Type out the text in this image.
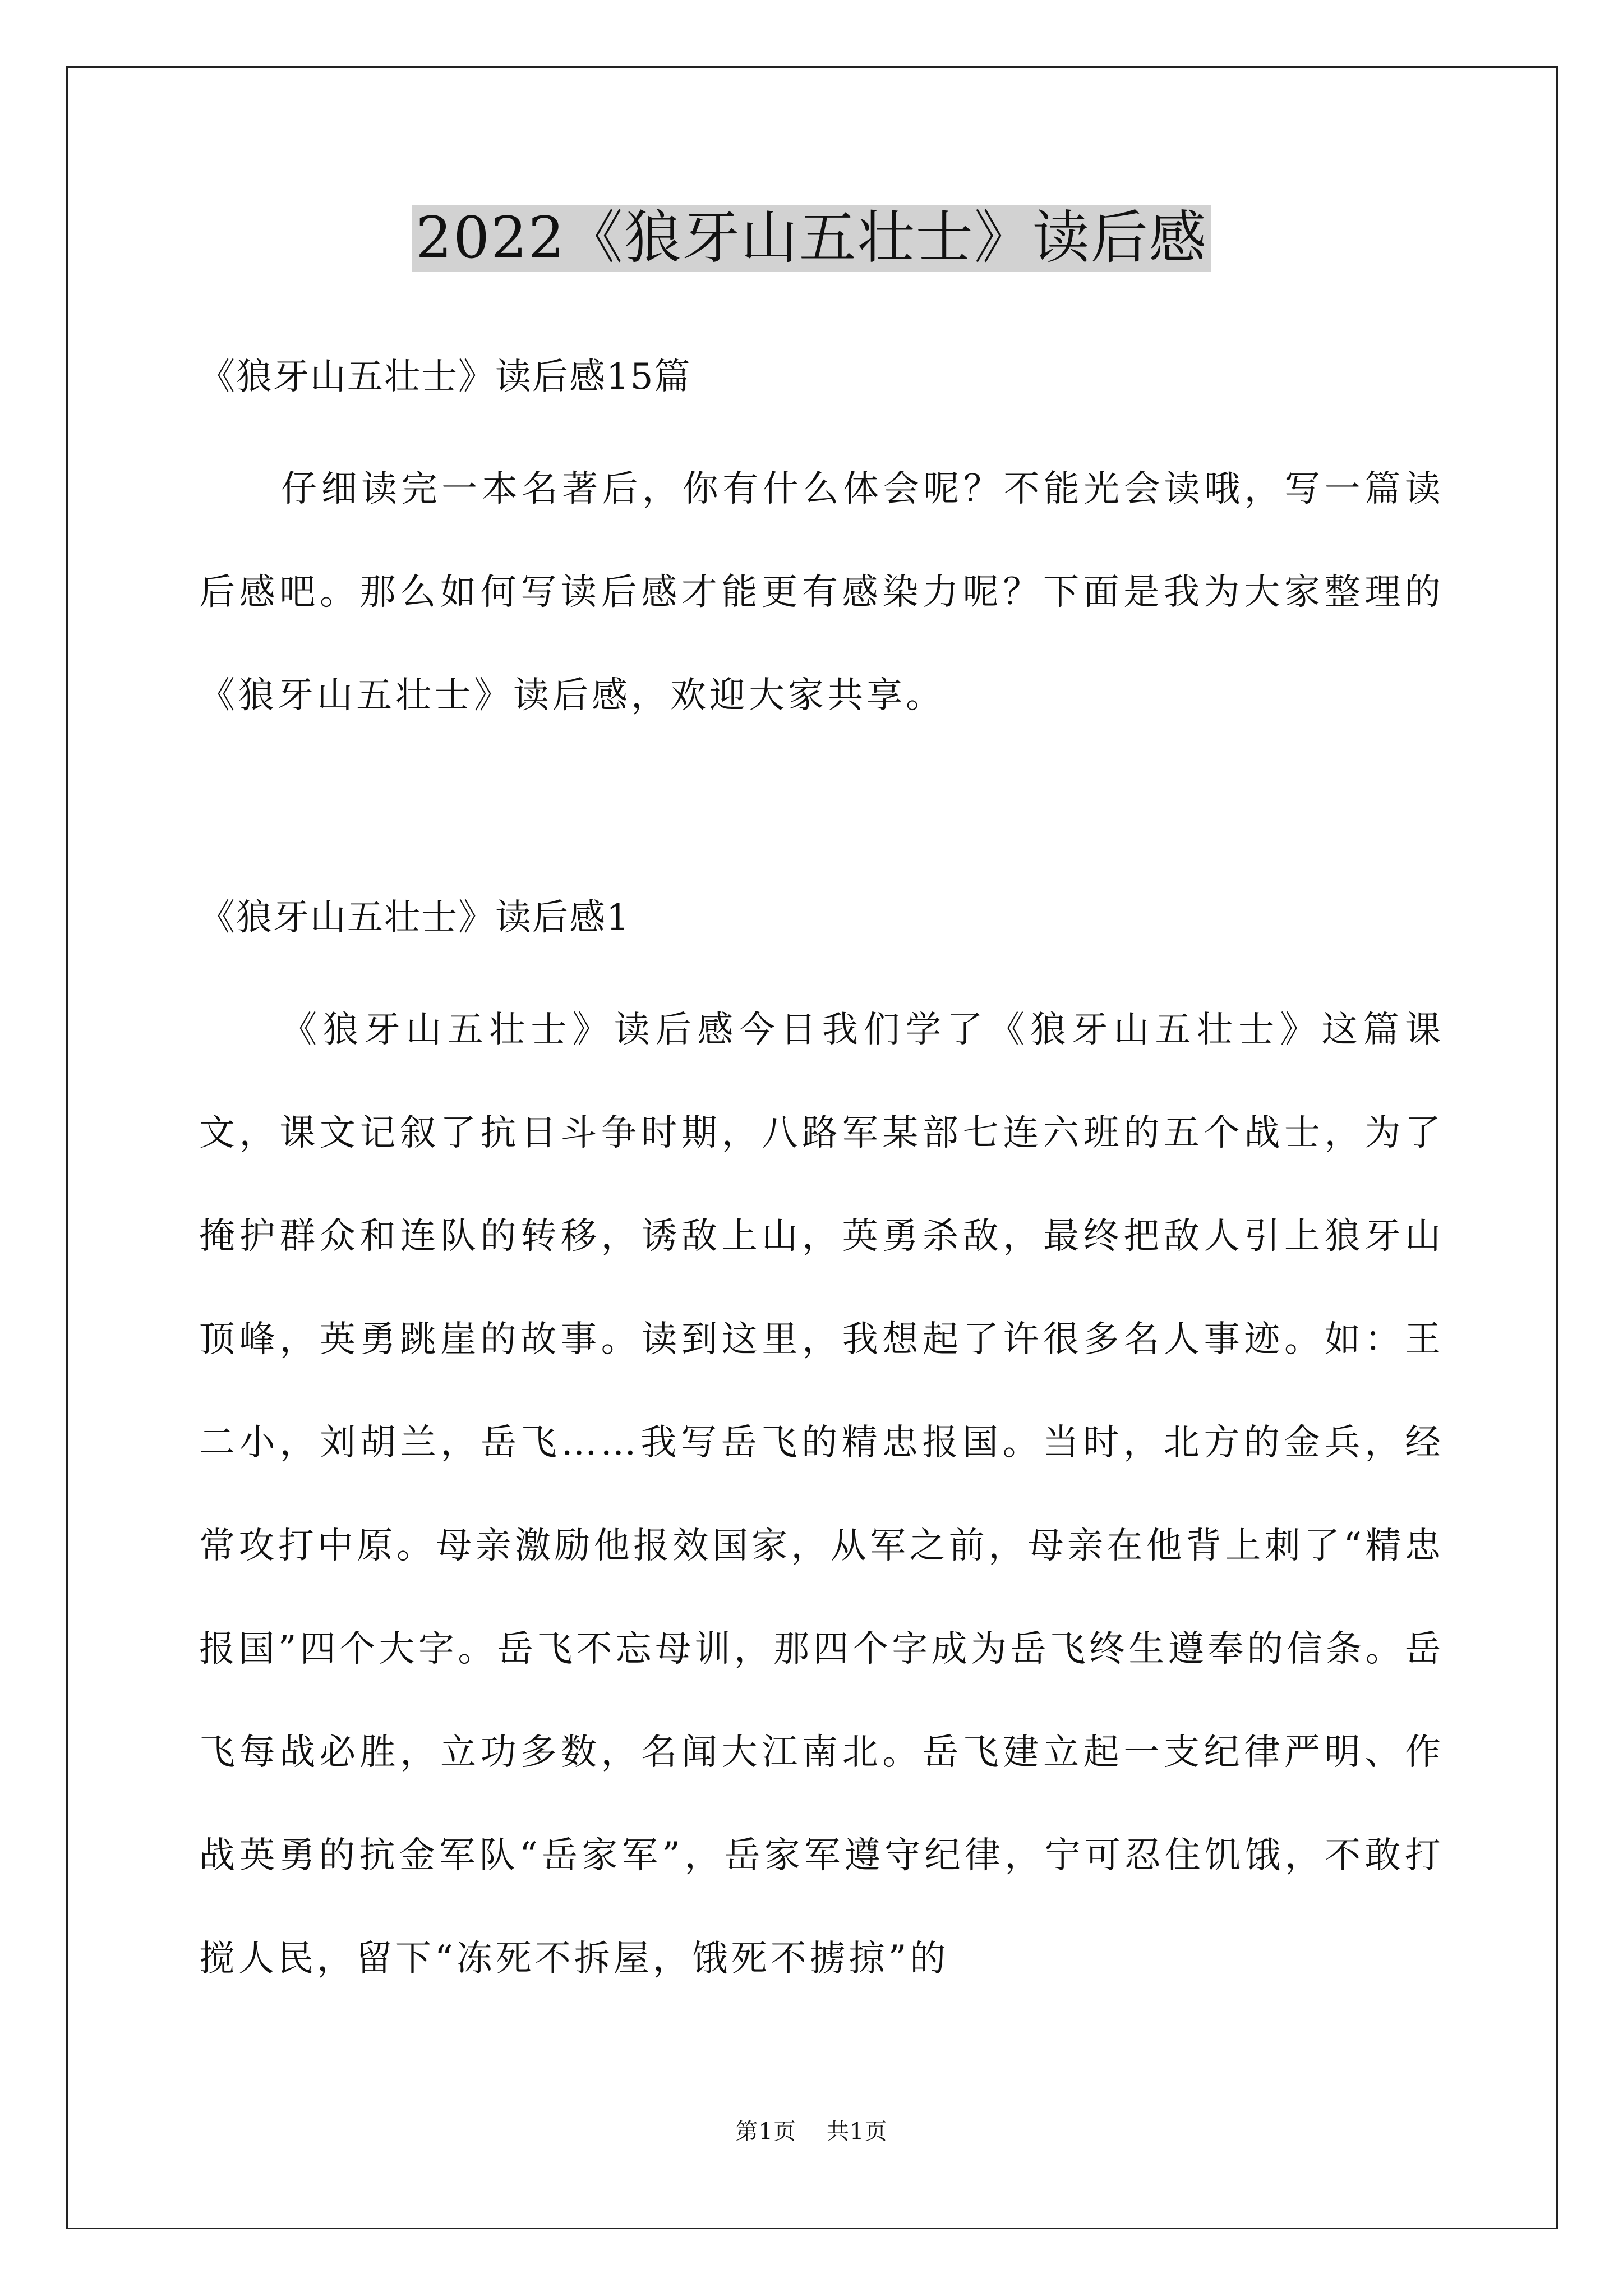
2022《狼牙山五壮士》读后感
《狼牙山五壮士》读后感15篇
仔细读完一本名著后，你有什么体会呢？不能光会读哦，写一篇读后感吧。那么如何写读后感才能更有感染力呢？下面是我为大家整理的《狼牙山五壮士》读后感，欢迎大家共享。
《狼牙山五壮士》读后感1
《狼牙山五壮士》读后感今日我们学了《狼牙山五壮士》这篇课文，课文记叙了抗日斗争时期，八路军某部七连六班的五个战士，为了掩护群众和连队的转移，诱敌上山，英勇杀敌，最终把敌人引上狼牙山顶峰，英勇跳崖的故事。读到这里，我想起了许很多名人事迹。如：王二小，刘胡兰，岳飞……我写岳飞的精忠报国。当时，北方的金兵，经常攻打中原。母亲激励他报效国家，从军之前，母亲在他背上刺了“精忠报国”四个大字。岳飞不忘母训，那四个字成为岳飞终生遵奉的信条。岳飞每战必胜，立功多数，名闻大江南北。岳飞建立起一支纪律严明、作战英勇的抗金军队“岳家军”，岳家军遵守纪律，宁可忍住饥饿，不敢打搅人民，留下“冻死不拆屋，饿死不掳掠”的
第1页 共1页
